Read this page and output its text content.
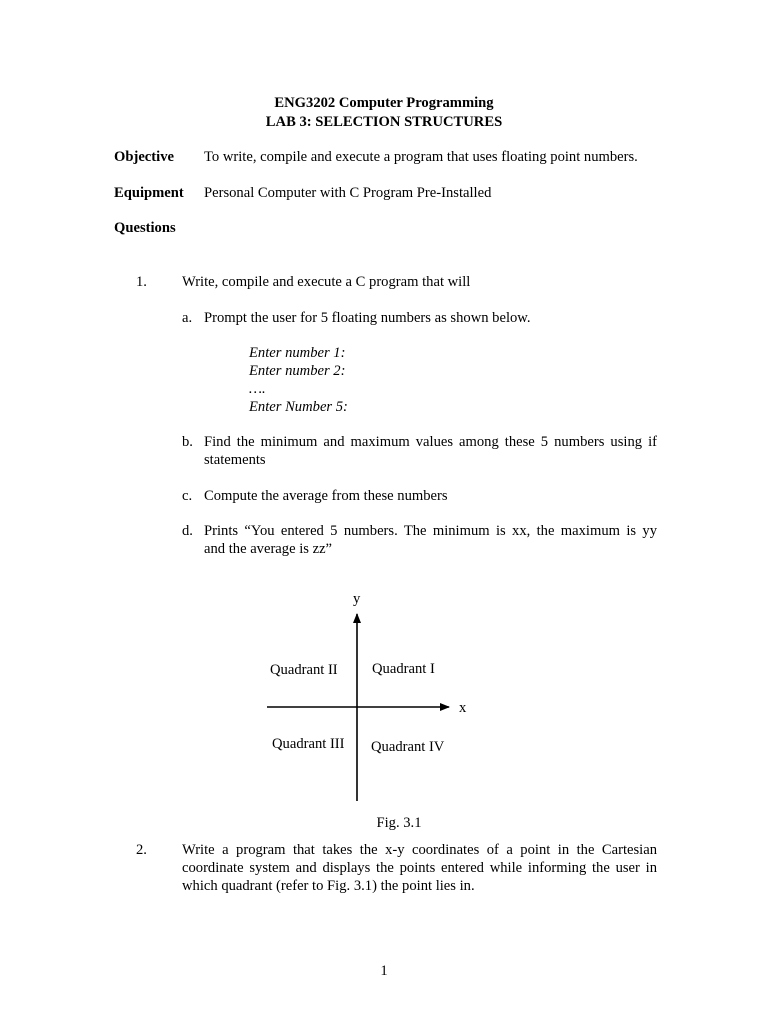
ENG3202 Computer Programming
LAB 3: SELECTION STRUCTURES
Objective To write, compile and execute a program that uses floating point numbers.
Equipment Personal Computer with C Program Pre-Installed
Questions
1. Write, compile and execute a C program that will
a. Prompt the user for 5 floating numbers as shown below.
Enter number 1:
Enter number 2:
….
Enter Number 5:
b. Find the minimum and maximum values among these 5 numbers using if
statements
c. Compute the average from these numbers
d. Prints “You entered 5 numbers. The minimum is xx, the maximum is yy
and the average is zz”
y
x
Quadrant II Quadrant I
Quadrant III Quadrant IV
Fig. 3.1
2. Write a program that takes the x-y coordinates of a point in the Cartesian
coordinate system and displays the points entered while informing the user in
which quadrant (refer to Fig. 3.1) the point lies in.
1
